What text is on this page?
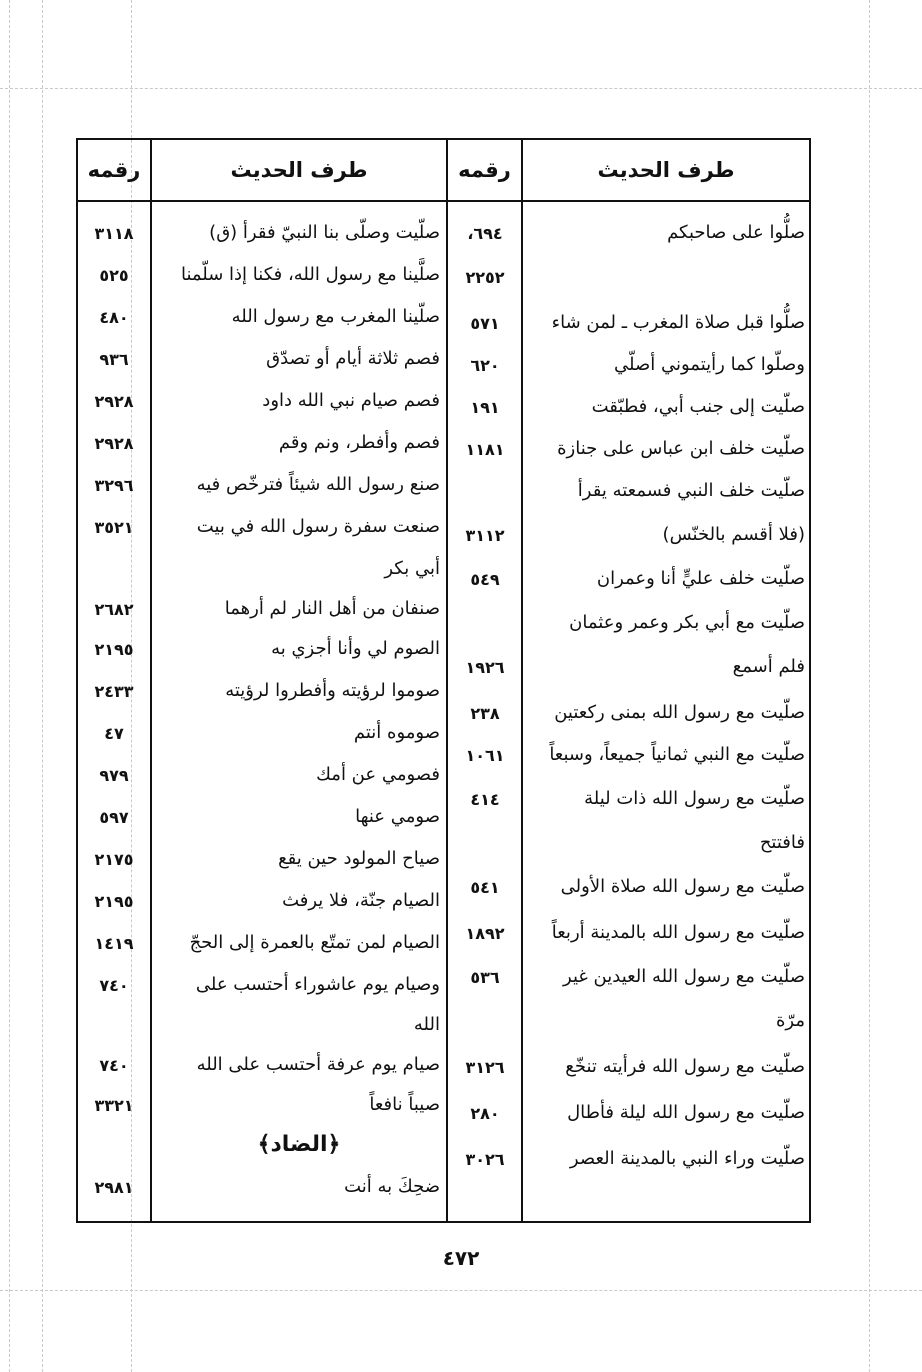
طرف الحديث
رقمه
طرف الحديث
رقمه
صلُّوا على صاحبكم
٦٩٤،
٢٢٥٢
صلُّوا قبل صلاة المغرب ـ لمن شاء
٥٧١
وصلّوا كما رأيتموني أصلّي
٦٢٠
صلّيت إلى جنب أبي، فطبّقت
١٩١
صلّيت خلف ابن عباس على جنازة
١١٨١
صلّيت خلف النبي فسمعته يقرأ
(فلا أقسم بالخنّس)
٣١١٢
صلّيت خلف عليٍّ أنا وعمران
٥٤٩
صلّيت مع أبي بكر وعمر وعثمان
فلم أسمع
١٩٢٦
صلّيت مع رسول الله بمنى ركعتين
٢٣٨
صلّيت مع النبي ثمانياً جميعاً، وسبعاً
١٠٦١
صلّيت مع رسول الله ذات ليلة
٤١٤
فافتتح
صلّيت مع رسول الله صلاة الأولى
٥٤١
صلّيت مع رسول الله بالمدينة أربعاً
١٨٩٢
صلّيت مع رسول الله العيدين غير
٥٣٦
مرّة
صلّيت مع رسول الله فرأيته تنخّع
٣١٢٦
صلّيت مع رسول الله ليلة فأطال
٢٨٠
صلّيت وراء النبي بالمدينة العصر
٣٠٢٦
صلّيت وصلّى بنا النبيّ فقرأ (ق)
٣١١٨
صلَّينا مع رسول الله، فكنا إذا سلّمنا
٥٢٥
صلّينا المغرب مع رسول الله
٤٨٠
فصم ثلاثة أيام أو تصدّق
٩٣٦
فصم صيام نبي الله داود
٢٩٢٨
فصم وأفطر، ونم وقم
٢٩٢٨
صنع رسول الله شيئاً فترخّص فيه
٣٢٩٦
صنعت سفرة رسول الله في بيت
٣٥٢١
أبي بكر
صنفان من أهل النار لم أرهما
٢٦٨٢
الصوم لي وأنا أجزي به
٢١٩٥
صوموا لرؤيته وأفطروا لرؤيته
٢٤٣٣
صوموه أنتم
٤٧
فصومي عن أمك
٩٧٩
صومي عنها
٥٩٧
صياح المولود حين يقع
٢١٧٥
الصيام جنّة، فلا يرفث
٢١٩٥
الصيام لمن تمتّع بالعمرة إلى الحجّ
١٤١٩
وصيام يوم عاشوراء أحتسب على
٧٤٠
الله
صيام يوم عرفة أحتسب على الله
٧٤٠
صيباً نافعاً
٣٣٢١
﴿الضاد﴾
ضحِكَ به أنت
٢٩٨١
٤٧٢
